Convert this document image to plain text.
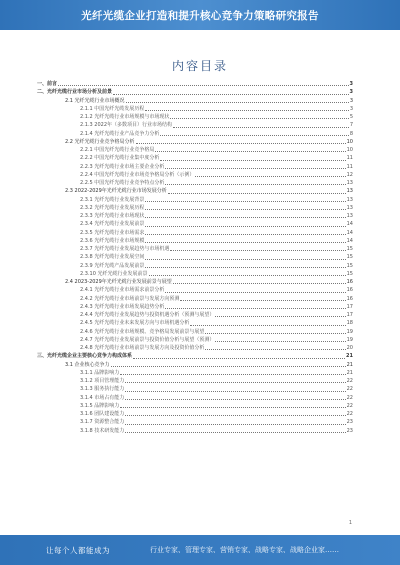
光纤光缆企业打造和提升核心竞争力策略研究报告
内容目录
一、前言	3
二、光纤光缆行业市场分析及前景	3
2.1 光纤光缆行业市场概况	3
2.1.1 中国光纤光缆发展历程	3
2.1.2 光纤光缆行业市场规模与市场现状	5
2.1.3 2022年（多数项目）行业市场结构	7
2.1.4 光纤光缆行业产品竞争力分析	8
2.2 光纤光缆行业竞争格局分析	10
2.2.1 中国光纤光缆行业竞争格局	10
2.2.2 中国光纤光缆行业集中度分析	11
2.2.3 光纤光缆行业市场主要企业分析	11
2.2.4 中国光纤光缆行业市场竞争格局分析（示例）	12
2.2.5 中国光纤光缆行业竞争特点分析	13
2.3 2022-2029年光纤光缆行业市场发展分析	13
2.3.1 光纤光缆行业发展背景	13
2.3.2 光纤光缆行业发展历程	13
2.3.3 光纤光缆行业市场现状	13
2.3.4 光纤光缆行业发展前景	14
2.3.5 光纤光缆行业市场需求	14
2.3.6 光纤光缆行业市场规模	14
2.3.7 光纤光缆行业发展趋势与市场机遇	15
2.3.8 光纤光缆行业发展空间	15
2.3.9 光纤光缆产品发展前景	15
2.3.10 光纤光缆行业发展前景	15
2.4 2023-2029年光纤光缆行业发展前景与展望	16
2.4.1 光纤光缆行业市场需求前景分析	16
2.4.2 光纤光缆行业市场前景与发展方向预测	16
2.4.3 光纤光缆行业市场发展趋势分析	17
2.4.4 光纤光缆行业发展趋势与投资机遇分析（预测与展望）	17
2.4.5 光纤光缆行业未来发展方向与市场机遇分析	18
2.4.6 光纤光缆行业市场规模、竞争格局发展前景与展望	19
2.4.7 光纤光缆行业发展前景与投资价值分析与展望（预测）	19
2.4.8 光纤光缆行业市场前景与发展方向及投资价值分析	20
三、光纤光缆企业主要核心竞争力构成体系	21
3.1 企业核心竞争力	21
3.1.1 品牌影响力	21
3.1.2 项目管理能力	22
3.1.3 服务执行能力	22
3.1.4 市场占有能力	22
3.1.5 品牌影响力	22
3.1.6 团队建设能力	22
3.1.7 资源整合能力	23
3.1.8 技术研发能力	23
1
让每个人都能成为	行业专家、管理专家、营销专家、战略专家、战略企业家……
